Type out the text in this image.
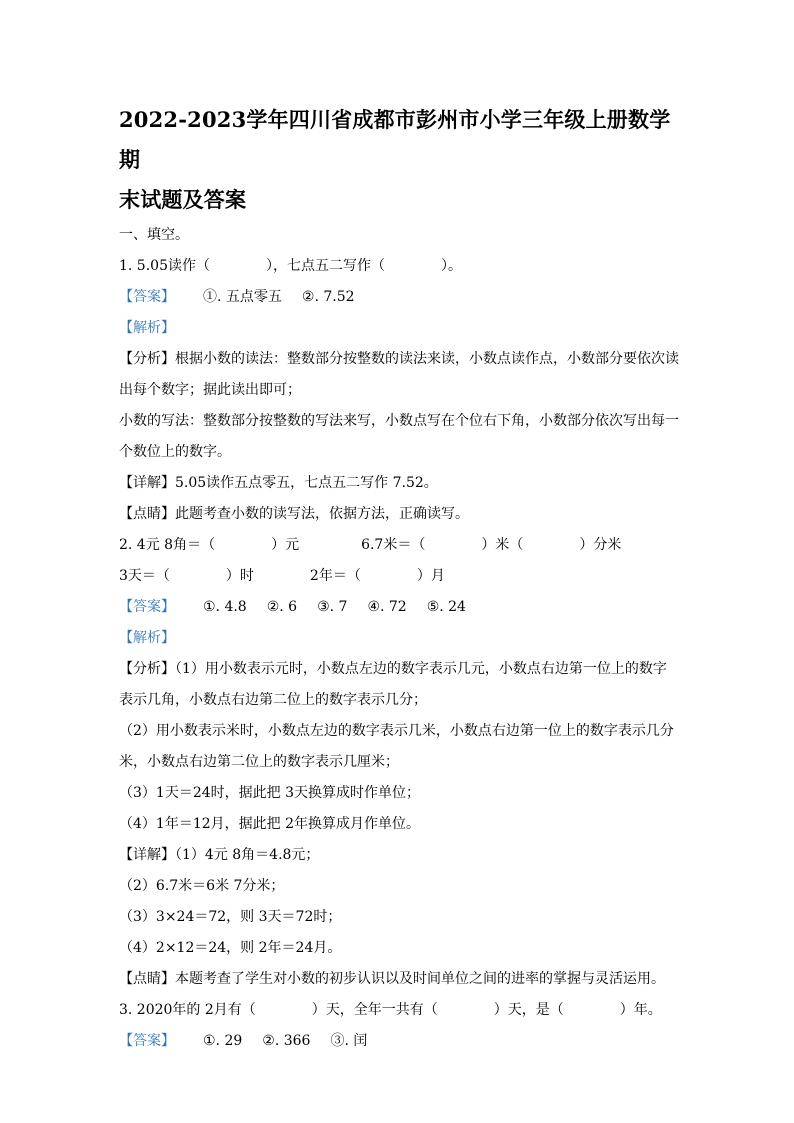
2022-2023学年四川省成都市彭州市小学三年级上册数学期

末试题及答案

一、填空。

1. 5.05读作（　　　　），七点五二写作（　　　　）。

【答案】 ①. 五点零五 ②. 7.52

【解析】

【分析】根据小数的读法：整数部分按整数的读法来读，小数点读作点，小数部分要依次读出每个数字；据此读出即可；

小数的写法：整数部分按整数的写法来写，小数点写在个位右下角，小数部分依次写出每一个数位上的数字。

【详解】5.05读作五点零五，七点五二写作 7.52。

【点睛】此题考查小数的读写法，依据方法，正确读写。

2. 4元 8角＝（　　　　）元	6.7米＝（　　　　）米（　　　　）分米

3天＝（　　　　）时	2年＝（　　　　）月

【答案】 ①. 4.8 ②. 6 ③. 7 ④. 72 ⑤. 24

【解析】

【分析】（1）用小数表示元时，小数点左边的数字表示几元，小数点右边第一位上的数字表示几角，小数点右边第二位上的数字表示几分；

（2）用小数表示米时，小数点左边的数字表示几米，小数点右边第一位上的数字表示几分米，小数点右边第二位上的数字表示几厘米；

（3）1天＝24时，据此把 3天换算成时作单位；

（4）1年＝12月，据此把 2年换算成月作单位。

【详解】（1）4元 8角＝4.8元；

（2）6.7米＝6米 7分米；

（3）3×24＝72，则 3天＝72时；

（4）2×12＝24，则 2年＝24月。

【点睛】本题考查了学生对小数的初步认识以及时间单位之间的进率的掌握与灵活运用。

3. 2020年的 2月有（　　　　）天，全年一共有（　　　　）天，是（　　　　）年。

【答案】 ①. 29 ②. 366 ③. 闰
